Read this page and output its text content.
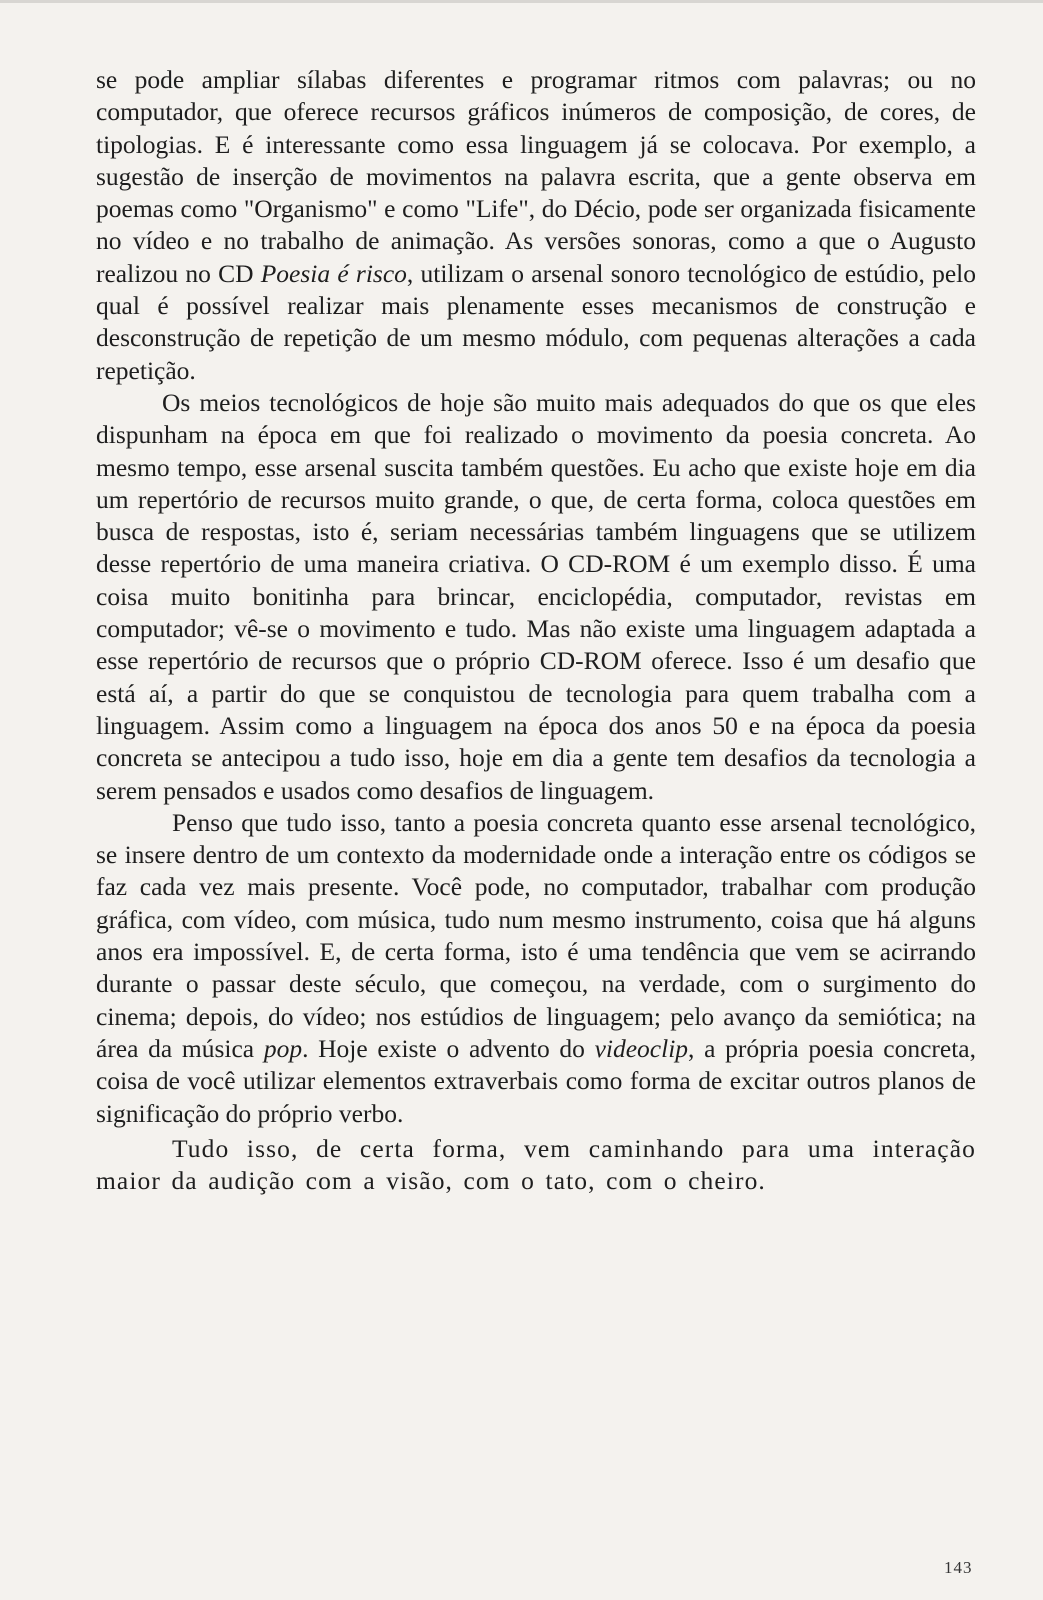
se pode ampliar sílabas diferentes e programar ritmos com palavras; ou no computador, que oferece recursos gráficos inúmeros de composição, de cores, de tipologias. E é interessante como essa linguagem já se colocava. Por exemplo, a sugestão de inserção de movimentos na palavra escrita, que a gente observa em poemas como "Organismo" e como "Life", do Décio, pode ser organizada fisicamente no vídeo e no trabalho de animação. As versões sonoras, como a que o Augusto realizou no CD Poesia é risco, utilizam o arsenal sonoro tecnológico de estúdio, pelo qual é possível realizar mais plenamente esses mecanismos de construção e desconstrução de repetição de um mesmo módulo, com pequenas alterações a cada repetição.

Os meios tecnológicos de hoje são muito mais adequados do que os que eles dispunham na época em que foi realizado o movimento da poesia concreta. Ao mesmo tempo, esse arsenal suscita também questões. Eu acho que existe hoje em dia um repertório de recursos muito grande, o que, de certa forma, coloca questões em busca de respostas, isto é, seriam necessárias também linguagens que se utilizem desse repertório de uma maneira criativa. O CD-ROM é um exemplo disso. É uma coisa muito bonitinha para brincar, enciclopédia, computador, revistas em computador; vê-se o movimento e tudo. Mas não existe uma linguagem adaptada a esse repertório de recursos que o próprio CD-ROM oferece. Isso é um desafio que está aí, a partir do que se conquistou de tecnologia para quem trabalha com a linguagem. Assim como a linguagem na época dos anos 50 e na época da poesia concreta se antecipou a tudo isso, hoje em dia a gente tem desafios da tecnologia a serem pensados e usados como desafios de linguagem.

Penso que tudo isso, tanto a poesia concreta quanto esse arsenal tecnológico, se insere dentro de um contexto da modernidade onde a interação entre os códigos se faz cada vez mais presente. Você pode, no computador, trabalhar com produção gráfica, com vídeo, com música, tudo num mesmo instrumento, coisa que há alguns anos era impossível. E, de certa forma, isto é uma tendência que vem se acirrando durante o passar deste século, que começou, na verdade, com o surgimento do cinema; depois, do vídeo; nos estúdios de linguagem; pelo avanço da semiótica; na área da música pop. Hoje existe o advento do videoclip, a própria poesia concreta, coisa de você utilizar elementos extraverbais como forma de excitar outros planos de significação do próprio verbo.

Tudo isso, de certa forma, vem caminhando para uma interação maior da audição com a visão, com o tato, com o cheiro.

143
